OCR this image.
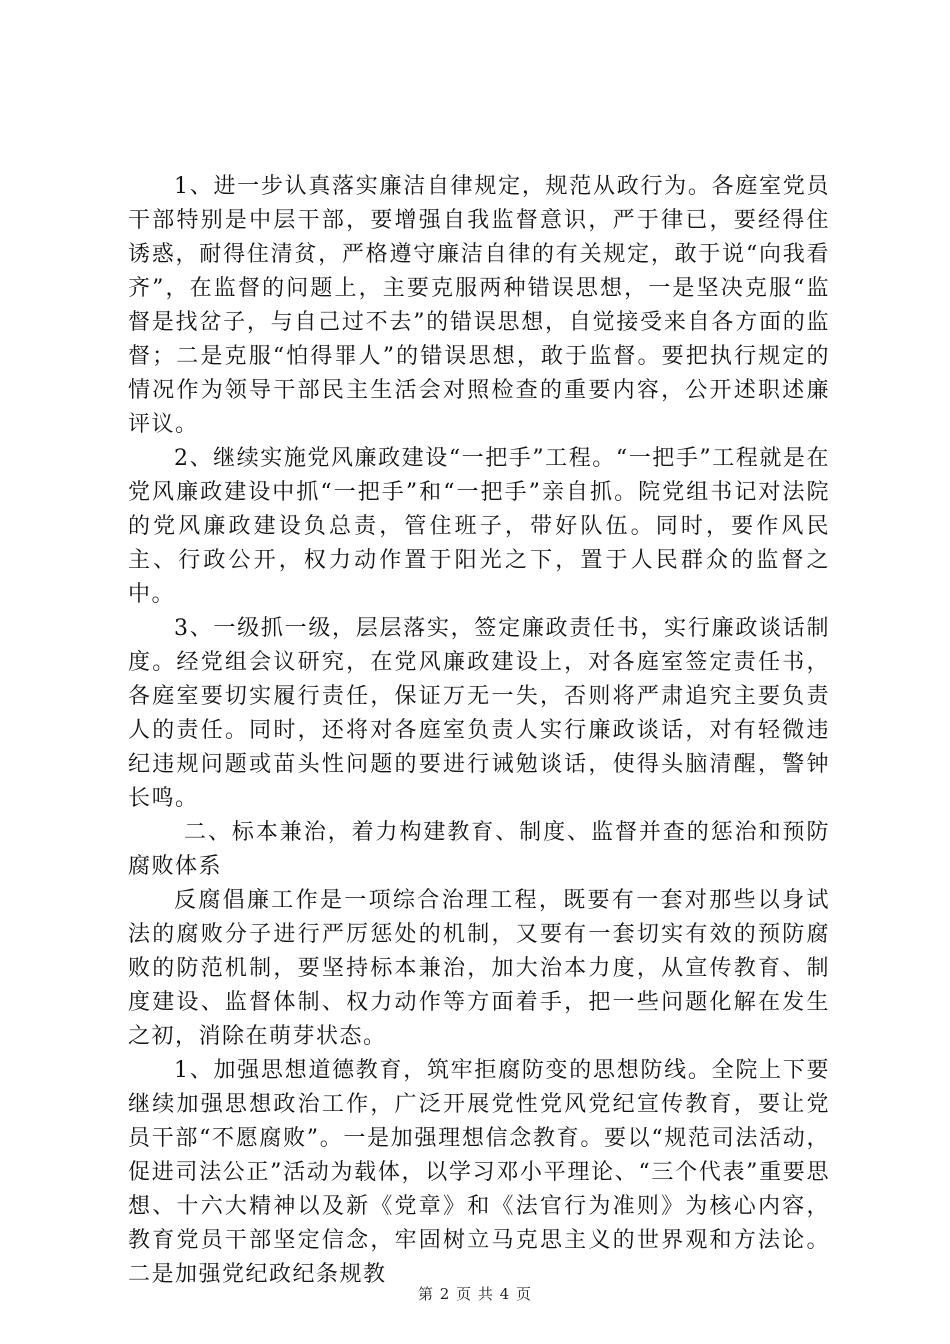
1、进一步认真落实廉洁自律规定，规范从政行为。各庭室党员干部特别是中层干部，要增强自我监督意识，严于律已，要经得住诱惑，耐得住清贫，严格遵守廉洁自律的有关规定，敢于说“向我看齐”，在监督的问题上，主要克服两种错误思想，一是坚决克服“监督是找岔子，与自己过不去”的错误思想，自觉接受来自各方面的监督；二是克服“怕得罪人”的错误思想，敢于监督。要把执行规定的情况作为领导干部民主生活会对照检查的重要内容，公开述职述廉评议。

2、继续实施党风廉政建设“一把手”工程。“一把手”工程就是在党风廉政建设中抓“一把手”和“一把手”亲自抓。院党组书记对法院的党风廉政建设负总责，管住班子，带好队伍。同时，要作风民主、行政公开，权力动作置于阳光之下，置于人民群众的监督之中。

3、一级抓一级，层层落实，签定廉政责任书，实行廉政谈话制度。经党组会议研究，在党风廉政建设上，对各庭室签定责任书，各庭室要切实履行责任，保证万无一失，否则将严肃追究主要负责人的责任。同时，还将对各庭室负责人实行廉政谈话，对有轻微违纪违规问题或苗头性问题的要进行诫勉谈话，使得头脑清醒，警钟长鸣。

二、标本兼治，着力构建教育、制度、监督并查的惩治和预防腐败体系

反腐倡廉工作是一项综合治理工程，既要有一套对那些以身试法的腐败分子进行严厉惩处的机制，又要有一套切实有效的预防腐败的防范机制，要坚持标本兼治，加大治本力度，从宣传教育、制度建设、监督体制、权力动作等方面着手，把一些问题化解在发生之初，消除在萌芽状态。

1、加强思想道德教育，筑牢拒腐防变的思想防线。全院上下要继续加强思想政治工作，广泛开展党性党风党纪宣传教育，要让党员干部“不愿腐败”。一是加强理想信念教育。要以“规范司法活动，促进司法公正”活动为载体，以学习邓小平理论、“三个代表”重要思想、十六大精神以及新《党章》和《法官行为准则》为核心内容，教育党员干部坚定信念，牢固树立马克思主义的世界观和方法论。二是加强党纪政纪条规教

第 2 页 共 4 页
